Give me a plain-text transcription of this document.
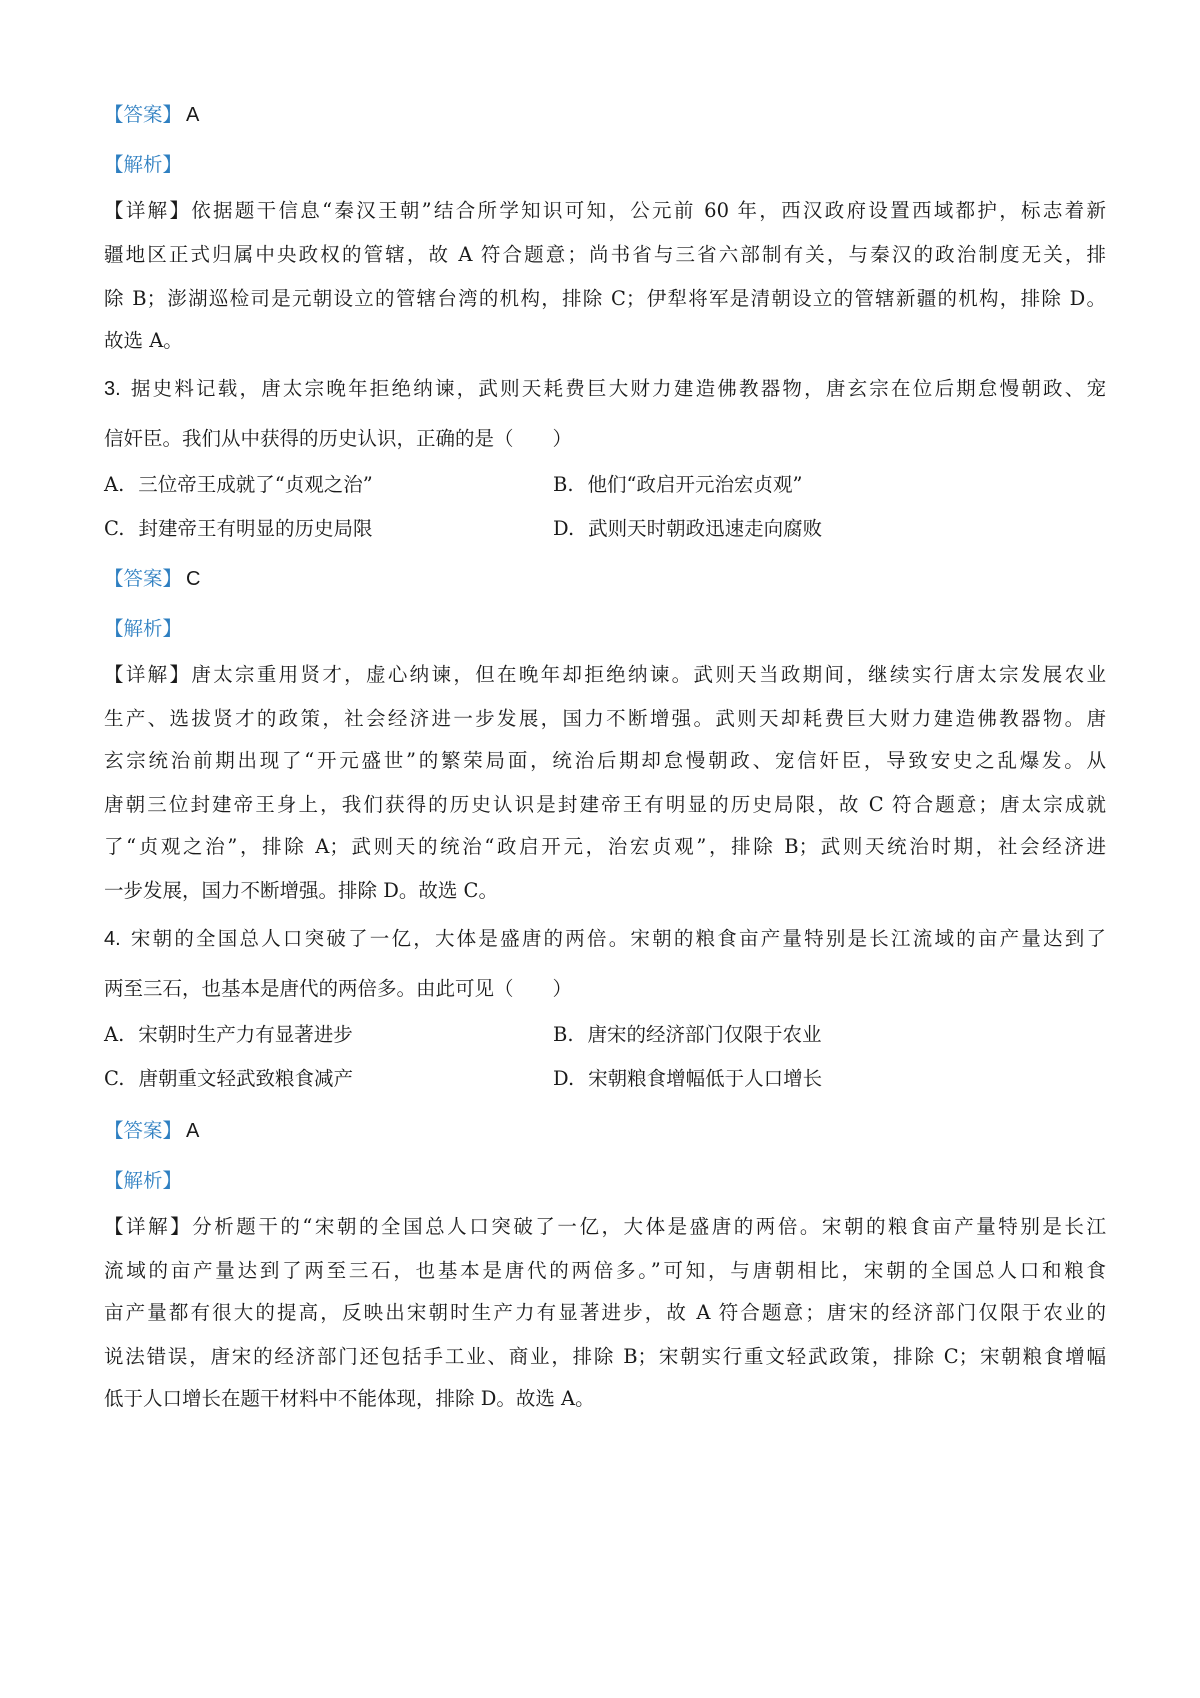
【答案】 A
【解析】
【详解】依据题干信息“秦汉王朝”结合所学知识可知，公元前 60 年，西汉政府设置西域都护，标志着新
疆地区正式归属中央政权的管辖，故 A 符合题意；尚书省与三省六部制有关，与秦汉的政治制度无关，排
除 B；澎湖巡检司是元朝设立的管辖台湾的机构，排除 C；伊犁将军是清朝设立的管辖新疆的机构，排除 D。
故选 A。
3. 据史料记载，唐太宗晚年拒绝纳谏，武则天耗费巨大财力建造佛教器物，唐玄宗在位后期怠慢朝政、宠
信奸臣。我们从中获得的历史认识，正确的是（　　）
A. 三位帝王成就了“贞观之治”	B. 他们“政启开元治宏贞观”
C. 封建帝王有明显的历史局限	D. 武则天时朝政迅速走向腐败
【答案】 C
【解析】
【详解】唐太宗重用贤才，虚心纳谏，但在晚年却拒绝纳谏。武则天当政期间，继续实行唐太宗发展农业
生产、选拔贤才的政策，社会经济进一步发展，国力不断增强。武则天却耗费巨大财力建造佛教器物。唐
玄宗统治前期出现了“开元盛世”的繁荣局面，统治后期却怠慢朝政、宠信奸臣，导致安史之乱爆发。从
唐朝三位封建帝王身上，我们获得的历史认识是封建帝王有明显的历史局限，故 C 符合题意；唐太宗成就
了“贞观之治”，排除 A；武则天的统治“政启开元，治宏贞观”，排除 B；武则天统治时期，社会经济进
一步发展，国力不断增强。排除 D。故选 C。
4. 宋朝的全国总人口突破了一亿，大体是盛唐的两倍。宋朝的粮食亩产量特别是长江流域的亩产量达到了
两至三石，也基本是唐代的两倍多。由此可见（　　）
A. 宋朝时生产力有显著进步	B. 唐宋的经济部门仅限于农业
C. 唐朝重文轻武致粮食减产	D. 宋朝粮食增幅低于人口增长
【答案】 A
【解析】
【详解】分析题干的“宋朝的全国总人口突破了一亿，大体是盛唐的两倍。宋朝的粮食亩产量特别是长江
流域的亩产量达到了两至三石，也基本是唐代的两倍多。”可知，与唐朝相比，宋朝的全国总人口和粮食
亩产量都有很大的提高，反映出宋朝时生产力有显著进步，故 A 符合题意；唐宋的经济部门仅限于农业的
说法错误，唐宋的经济部门还包括手工业、商业，排除 B；宋朝实行重文轻武政策，排除 C；宋朝粮食增幅
低于人口增长在题干材料中不能体现，排除 D。故选 A。
